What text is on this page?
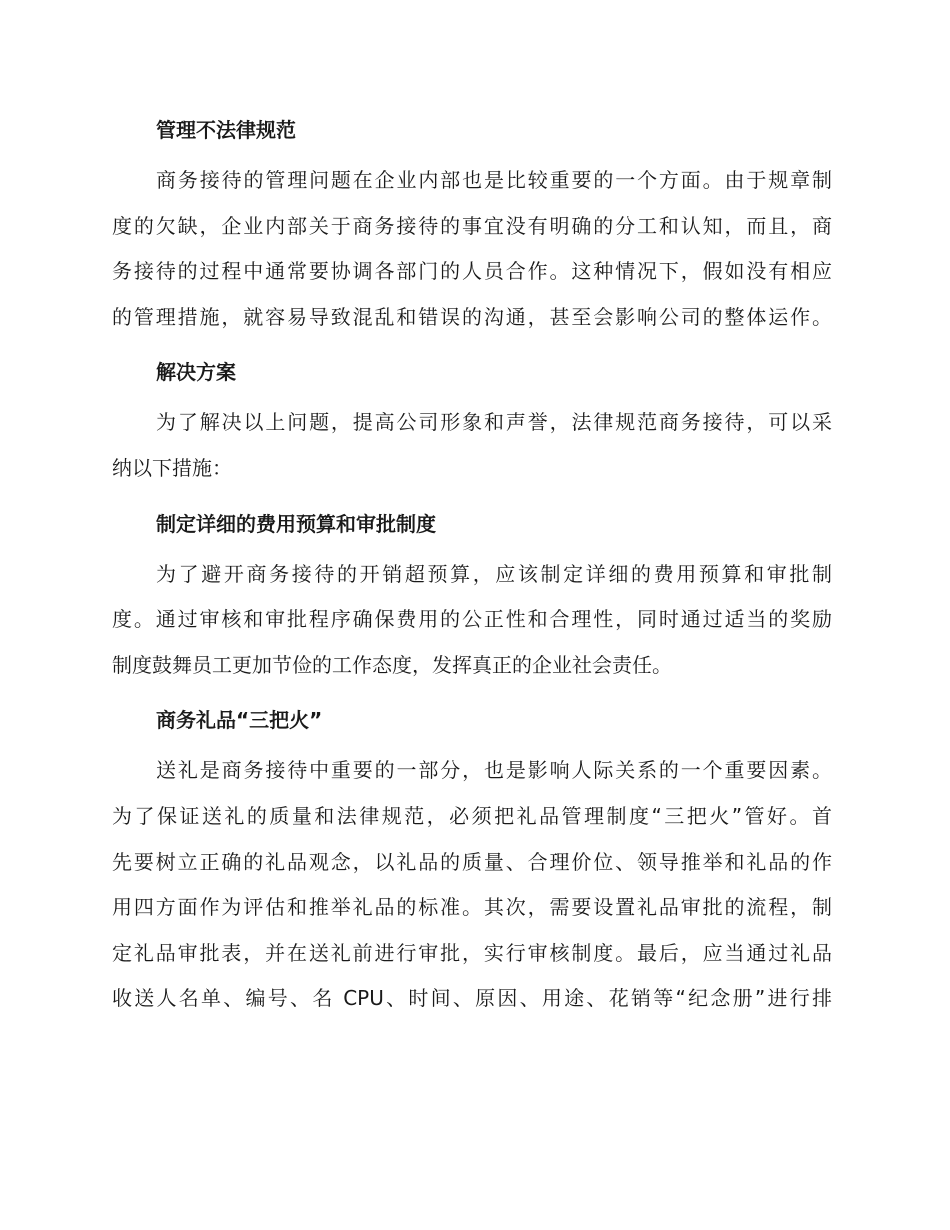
管理不法律规范
商务接待的管理问题在企业内部也是比较重要的一个方面。由于规章制
度的欠缺，企业内部关于商务接待的事宜没有明确的分工和认知，而且，商
务接待的过程中通常要协调各部门的人员合作。这种情况下，假如没有相应
的管理措施，就容易导致混乱和错误的沟通，甚至会影响公司的整体运作。
解决方案
为了解决以上问题，提高公司形象和声誉，法律规范商务接待，可以采
纳以下措施：
制定详细的费用预算和审批制度
为了避开商务接待的开销超预算，应该制定详细的费用预算和审批制
度。通过审核和审批程序确保费用的公正性和合理性，同时通过适当的奖励
制度鼓舞员工更加节俭的工作态度，发挥真正的企业社会责任。
商务礼品“三把火”
送礼是商务接待中重要的一部分，也是影响人际关系的一个重要因素。
为了保证送礼的质量和法律规范，必须把礼品管理制度“三把火”管好。首
先要树立正确的礼品观念，以礼品的质量、合理价位、领导推举和礼品的作
用四方面作为评估和推举礼品的标准。其次，需要设置礼品审批的流程，制
定礼品审批表，并在送礼前进行审批，实行审核制度。最后，应当通过礼品
收送人名单、编号、名 CPU、时间、原因、用途、花销等“纪念册”进行排
